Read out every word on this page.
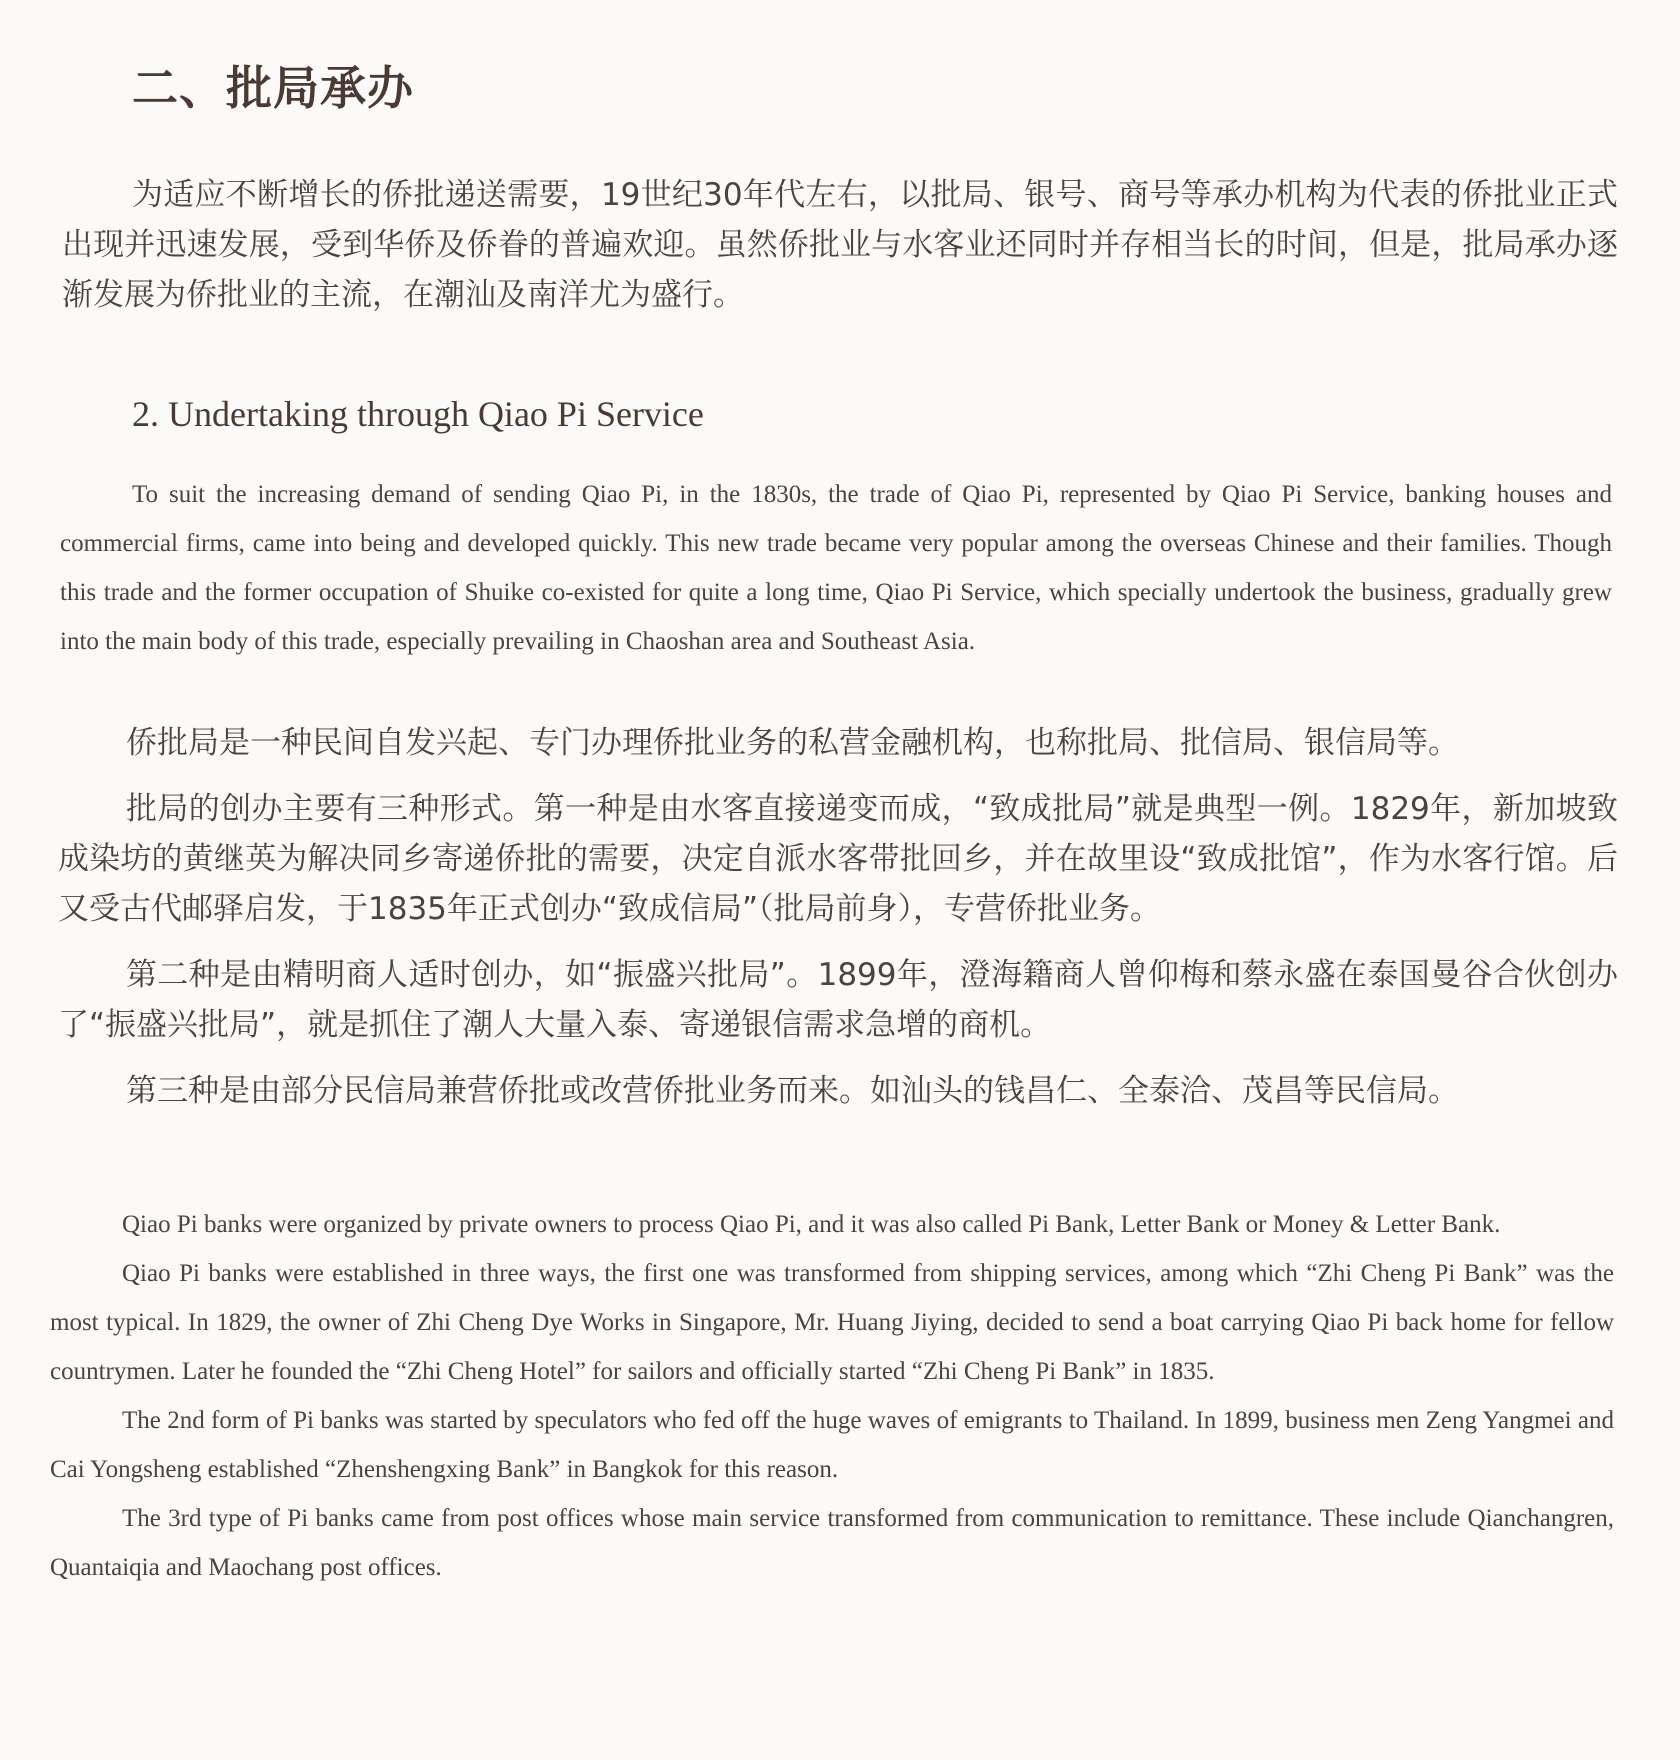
二、批局承办

为适应不断增长的侨批递送需要，19世纪30年代左右，以批局、银号、商号等承办机构为代表的侨批业正式出现并迅速发展，受到华侨及侨眷的普遍欢迎。虽然侨批业与水客业还同时并存相当长的时间，但是，批局承办逐渐发展为侨批业的主流，在潮汕及南洋尤为盛行。

2. Undertaking through Qiao Pi Service

To suit the increasing demand of sending Qiao Pi, in the 1830s, the trade of Qiao Pi, represented by Qiao Pi Service, banking houses and commercial firms, came into being and developed quickly. This new trade became very popular among the overseas Chinese and their families. Though this trade and the former occupation of Shuike co-existed for quite a long time, Qiao Pi Service, which specially undertook the business, gradually grew into the main body of this trade, especially prevailing in Chaoshan area and Southeast Asia.

侨批局是一种民间自发兴起、专门办理侨批业务的私营金融机构，也称批局、批信局、银信局等。

批局的创办主要有三种形式。第一种是由水客直接递变而成，“致成批局”就是典型一例。1829年，新加坡致成染坊的黄继英为解决同乡寄递侨批的需要，决定自派水客带批回乡，并在故里设“致成批馆”，作为水客行馆。后又受古代邮驿启发，于1835年正式创办“致成信局”（批局前身），专营侨批业务。

第二种是由精明商人适时创办，如“振盛兴批局”。1899年，澄海籍商人曾仰梅和蔡永盛在泰国曼谷合伙创办了“振盛兴批局”，就是抓住了潮人大量入泰、寄递银信需求急增的商机。

第三种是由部分民信局兼营侨批或改营侨批业务而来。如汕头的钱昌仁、全泰洽、茂昌等民信局。

Qiao Pi banks were organized by private owners to process Qiao Pi, and it was also called Pi Bank, Letter Bank or Money & Letter Bank.

Qiao Pi banks were established in three ways, the first one was transformed from shipping services, among which “Zhi Cheng Pi Bank” was the most typical. In 1829, the owner of Zhi Cheng Dye Works in Singapore, Mr. Huang Jiying, decided to send a boat carrying Qiao Pi back home for fellow countrymen. Later he founded the “Zhi Cheng Hotel” for sailors and officially started “Zhi Cheng Pi Bank” in 1835.

The 2nd form of Pi banks was started by speculators who fed off the huge waves of emigrants to Thailand. In 1899, business men Zeng Yangmei and Cai Yongsheng established “Zhenshengxing Bank” in Bangkok for this reason.

The 3rd type of Pi banks came from post offices whose main service transformed from communication to remittance. These include Qianchangren, Quantaiqia and Maochang post offices.
